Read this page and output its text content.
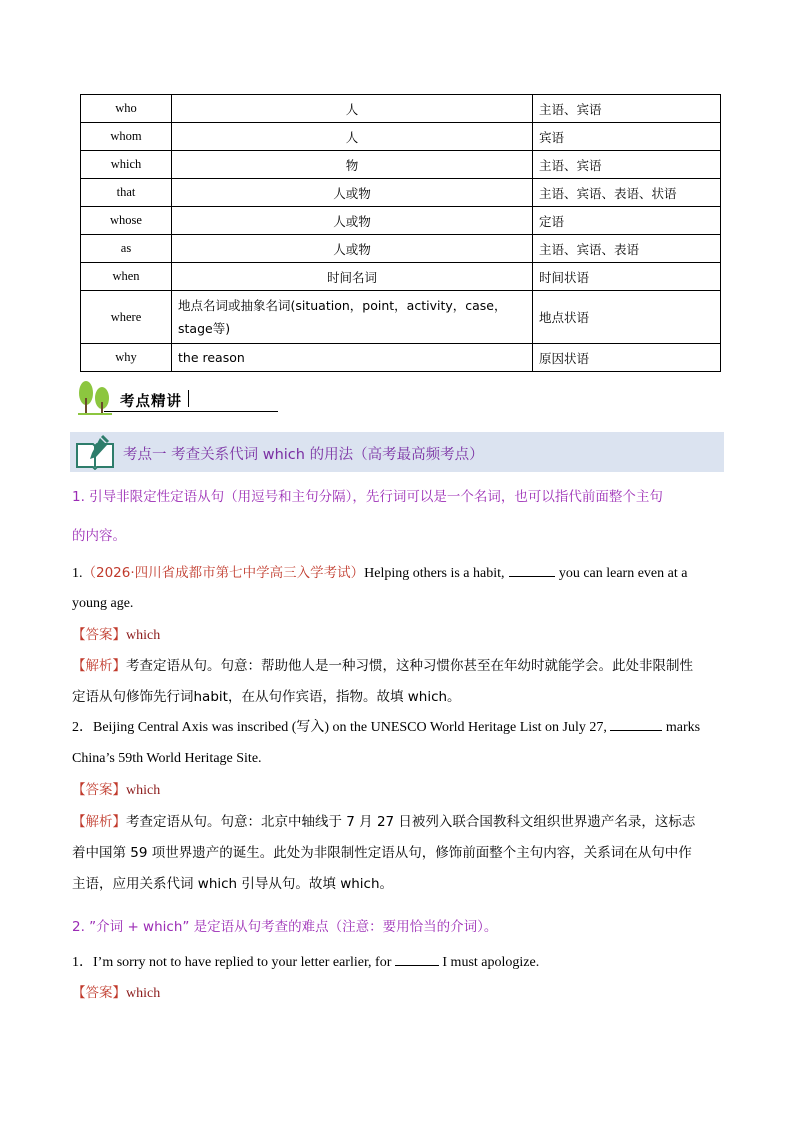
who	人	主语、宾语
whom	人	宾语
which	物	主语、宾语
that	人或物	主语、宾语、表语、状语
whose	人或物	定语
as	人或物	主语、宾语、表语
when	时间名词	时间状语
where	地点名词或抽象名词(situation，point，activity，case，stage等)	地点状语
why	the reason	原因状语
考点精讲
考点一 考查关系代词 which 的用法（高考最高频考点）
1. 引导非限定性定语从句（用逗号和主句分隔），先行词可以是一个名词，也可以指代前面整个主句
的内容。
1.（2026·四川省成都市第七中学高三入学考试）Helping others is a habit,	you can learn even at a
young age.
【答案】which
【解析】考查定语从句。句意：帮助他人是一种习惯，这种习惯你甚至在年幼时就能学会。此处非限制性
定语从句修饰先行词habit，在从句作宾语，指物。故填 which。
2．Beijing Central Axis was inscribed (写入) on the UNESCO World Heritage List on July 27,	marks
China’s 59th World Heritage Site.
【答案】which
【解析】考查定语从句。句意：北京中轴线于 7 月 27 日被列入联合国教科文组织世界遗产名录，这标志
着中国第 59 项世界遗产的诞生。此处为非限制性定语从句，修饰前面整个主句内容，关系词在从句中作
主语，应用关系代词 which 引导从句。故填 which。
2. ”介词 + which” 是定语从句考查的难点（注意：要用恰当的介词）。
1．I’m sorry not to have replied to your letter earlier, for	I must apologize.
【答案】which
